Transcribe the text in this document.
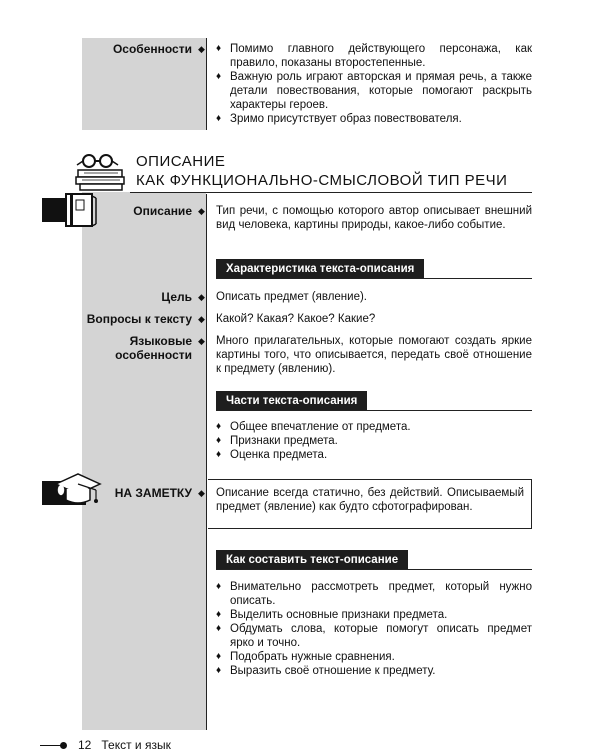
Особенности ◆
♦	Помимо главного действующего персонажа, как правило, показаны второстепенные.
♦ Важную роль играют авторская и прямая речь, а также детали повествования, которые помогают раскрыть характеры героев.
♦ Зримо присутствует образ повествователя.
ОПИСАНИЕ
КАК ФУНКЦИОНАЛЬНО-СМЫСЛОВОЙ ТИП РЕЧИ
Описание ◆ Тип речи, с помощью которого автор описывает внешний вид человека, картины природы, какое-либо событие.
Характеристика текста-описания
Цель ◆ Описать предмет (явление).
Вопросы к тексту ◆ Какой? Какая? Какое? Какие?
Языковые
особенности
◆ Много прилагательных, которые помогают создать яркие картины того, что описывается, передать своё отношение к предмету (явлению).
Части текста-описания
♦ Общее впечатление от предмета.
♦ Признаки предмета.
♦ Оценка предмета.
НА ЗАМЕТКУ ◆ Описание всегда статично, без действий. Описываемый предмет (явление) как будто сфотографирован.
Как составить текст-описание
♦ Внимательно рассмотреть предмет, который нужно описать.
♦ Выделить основные признаки предмета.
♦ Обдумать слова, которые помогут описать предмет ярко и точно.
♦ Подобрать нужные сравнения.
♦ Выразить своё отношение к предмету.
12 Текст и язык
